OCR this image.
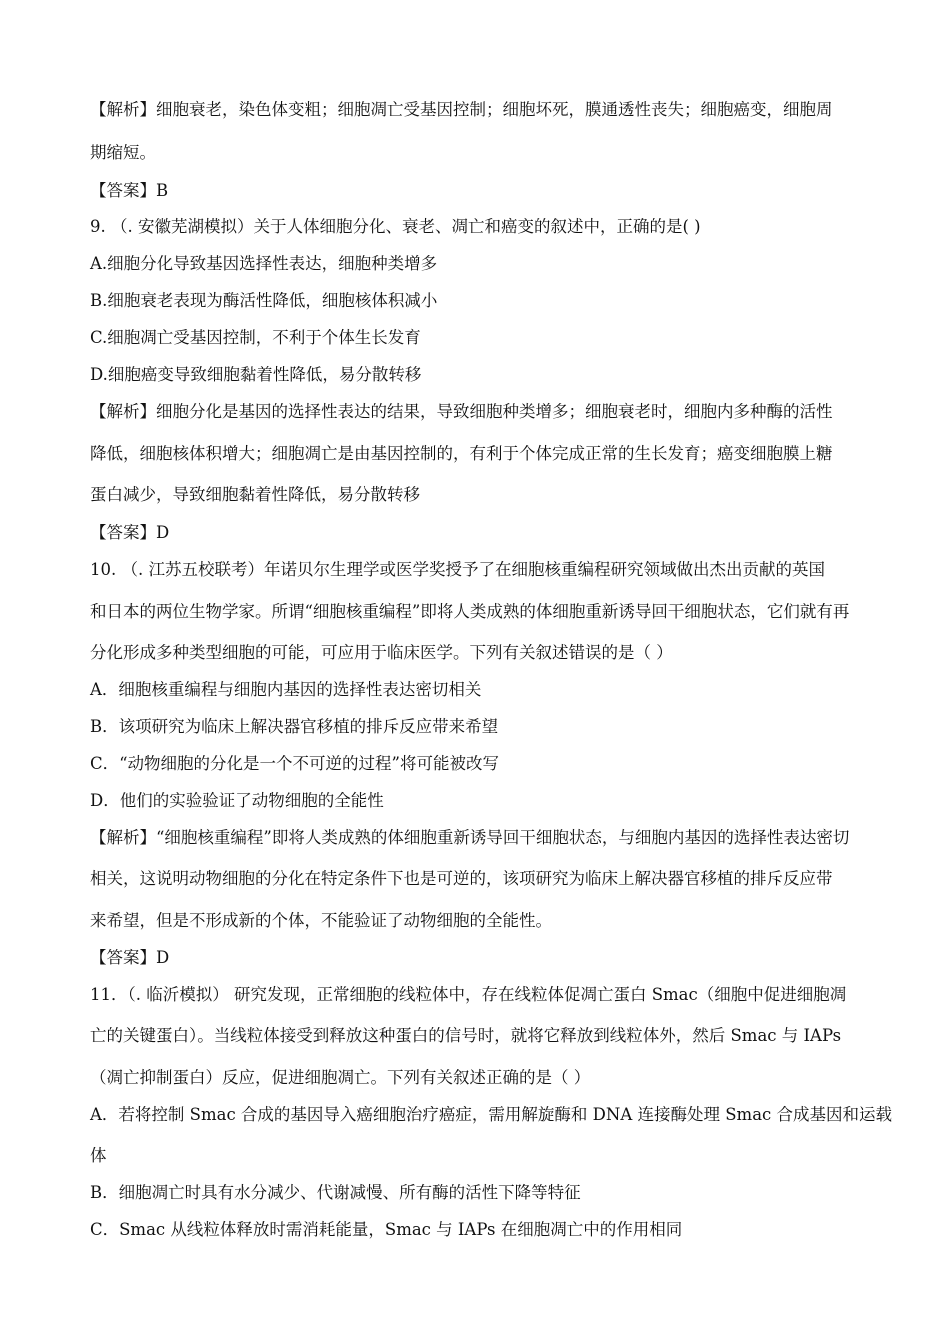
【解析】细胞衰老，染色体变粗；细胞凋亡受基因控制；细胞坏死，膜通透性丧失；细胞癌变，细胞周
期缩短。
【答案】B
9. （. 安徽芜湖模拟）关于人体细胞分化、衰老、凋亡和癌变的叙述中，正确的是( )
A.细胞分化导致基因选择性表达，细胞种类增多
B.细胞衰老表现为酶活性降低，细胞核体积减小
C.细胞凋亡受基因控制，不利于个体生长发育
D.细胞癌变导致细胞黏着性降低，易分散转移
【解析】细胞分化是基因的选择性表达的结果，导致细胞种类增多；细胞衰老时，细胞内多种酶的活性
降低，细胞核体积增大；细胞凋亡是由基因控制的，有利于个体完成正常的生长发育；癌变细胞膜上糖
蛋白减少，导致细胞黏着性降低，易分散转移
【答案】D
10. （. 江苏五校联考）年诺贝尔生理学或医学奖授予了在细胞核重编程研究领域做出杰出贡献的英国
和日本的两位生物学家。所谓“细胞核重编程”即将人类成熟的体细胞重新诱导回干细胞状态，它们就有再
分化形成多种类型细胞的可能，可应用于临床医学。下列有关叙述错误的是（ ）
A．细胞核重编程与细胞内基因的选择性表达密切相关
B．该项研究为临床上解决器官移植的排斥反应带来希望
C．“动物细胞的分化是一个不可逆的过程”将可能被改写
D．他们的实验验证了动物细胞的全能性
【解析】“细胞核重编程”即将人类成熟的体细胞重新诱导回干细胞状态，与细胞内基因的选择性表达密切
相关，这说明动物细胞的分化在特定条件下也是可逆的，该项研究为临床上解决器官移植的排斥反应带
来希望，但是不形成新的个体，不能验证了动物细胞的全能性。
【答案】D
11．（. 临沂模拟） 研究发现，正常细胞的线粒体中，存在线粒体促凋亡蛋白 Smac（细胞中促进细胞凋
亡的关键蛋白）。当线粒体接受到释放这种蛋白的信号时，就将它释放到线粒体外，然后 Smac 与 IAPs
（凋亡抑制蛋白）反应，促进细胞凋亡。下列有关叙述正确的是（ ）
A．若将控制 Smac 合成的基因导入癌细胞治疗癌症，需用解旋酶和 DNA 连接酶处理 Smac 合成基因和运载
体
B．细胞凋亡时具有水分减少、代谢减慢、所有酶的活性下降等特征
C．Smac 从线粒体释放时需消耗能量，Smac 与 IAPs 在细胞凋亡中的作用相同
